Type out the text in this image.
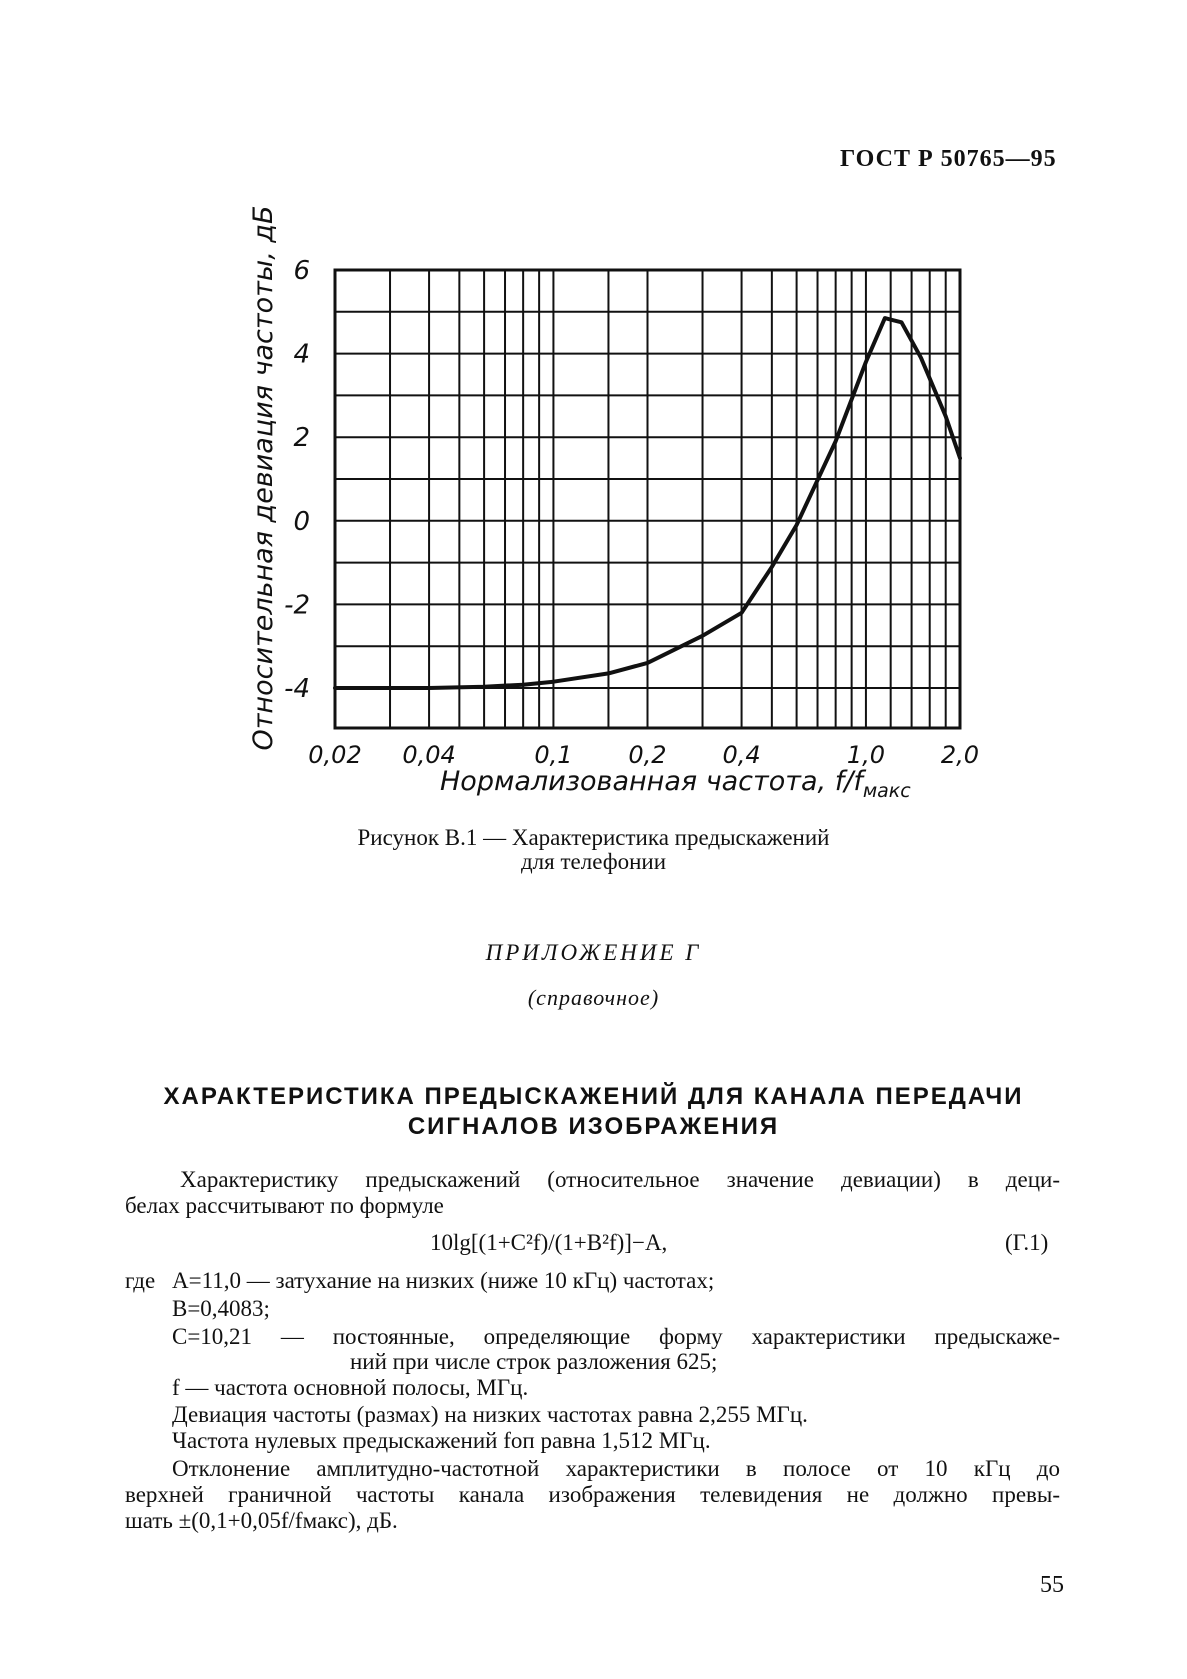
ГОСТ Р 50765—95
6
4
2
0
-2
-4
0,02 0,04	0,1 0,2 0,4	1,0 2,0
Относительная девиация частоты, дБ
Нормализованная частота, $f/f_{макс}$
Рисунок В.1 — Характеристика предыскажений
для телефонии
ПРИЛОЖЕНИЕ Г
(справочное)
ХАРАКТЕРИСТИКА ПРЕДЫСКАЖЕНИЙ ДЛЯ КАНАЛА ПЕРЕДАЧИ
СИГНАЛОВ ИЗОБРАЖЕНИЯ
Характеристику предыскажений (относительное значение девиации) в деци-
белах рассчитывают по формуле
10lg[(1+C²f)/(1+B²f)]−A,	(Г.1)
где A=11,0 — затухание на низких (ниже 10 кГц) частотах;
B=0,4083;
C=10,21 — постоянные, определяющие форму характеристики предыскаже-
ний при числе строк разложения 625;
f — частота основной полосы, МГц.
Девиация частоты (размах) на низких частотах равна 2,255 МГц.
Частота нулевых предыскажений fоп равна 1,512 МГц.
Отклонение амплитудно-частотной характеристики в полосе от 10 кГц до
верхней граничной частоты канала изображения телевидения не должно превы-
шать ±(0,1+0,05f/fмакс), дБ.
55
